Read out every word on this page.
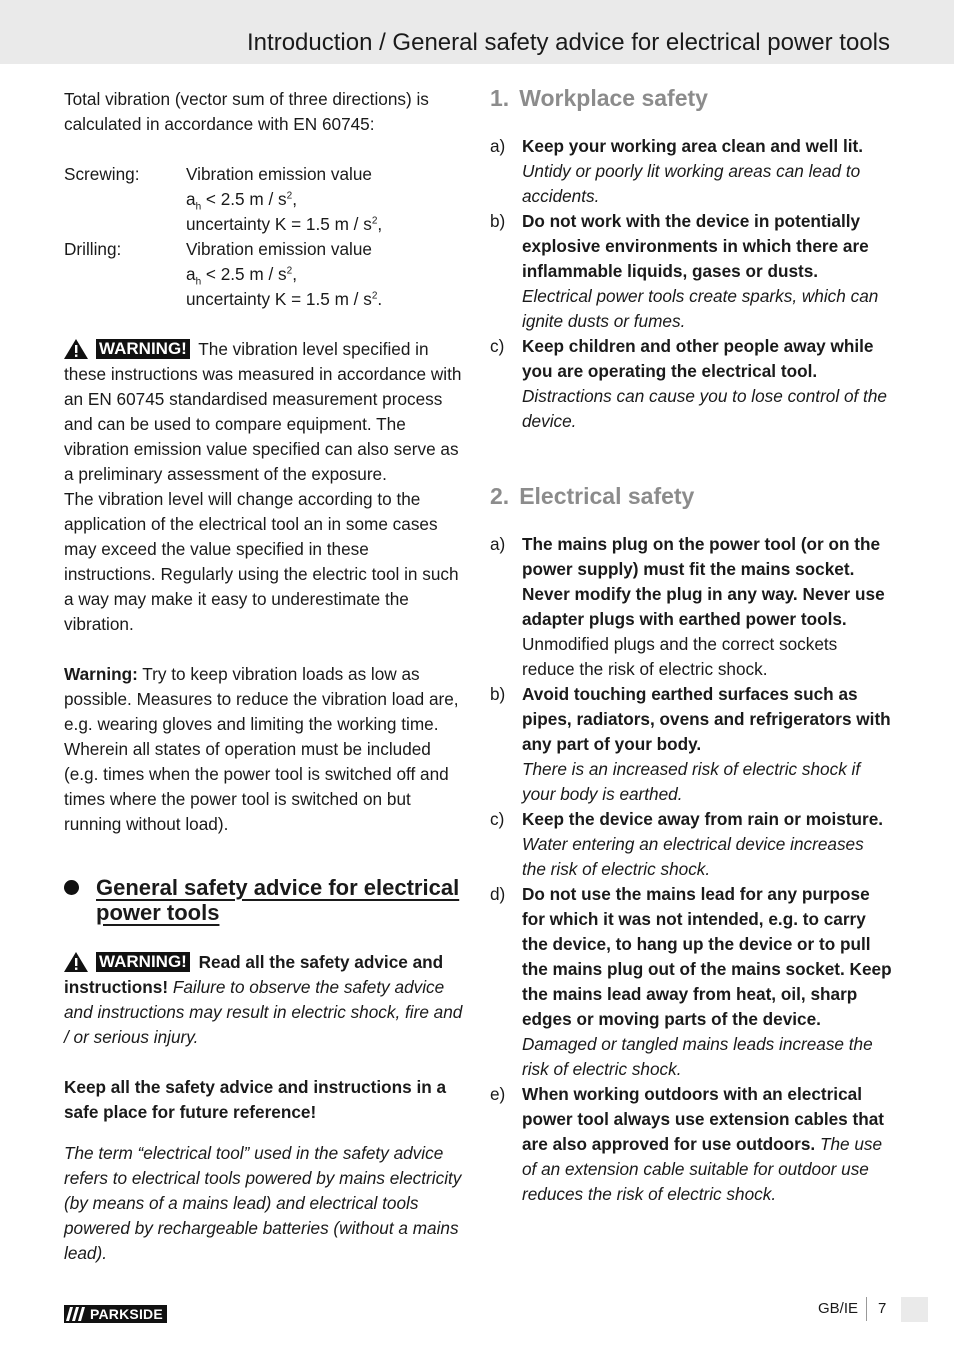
Introduction / General safety advice for electrical power tools

Total vibration (vector sum of three directions) is calculated in accordance with EN 60745:

Screwing:	Vibration emission value
$a_h < 2.5$ m / $s^2$,
uncertainty K = 1.5 m / $s^2$,
Drilling:	Vibration emission value
$a_h < 2.5$ m / $s^2$,
uncertainty K = 1.5 m / $s^2$.

WARNING! The vibration level specified in these instructions was measured in accordance with an EN 60745 standardised measurement process and can be used to compare equipment. The vibration emission value specified can also serve as a preliminary assessment of the exposure.

The vibration level will change according to the application of the electrical tool an in some cases may exceed the value specified in these instructions. Regularly using the electric tool in such a way may make it easy to underestimate the vibration.

Warning: Try to keep vibration loads as low as possible. Measures to reduce the vibration load are, e.g. wearing gloves and limiting the working time. Wherein all states of operation must be included (e.g. times when the power tool is switched off and times where the power tool is switched on but running without load).

General safety advice for electrical power tools

WARNING! Read all the safety advice and instructions! Failure to observe the safety advice and instructions may result in electric shock, fire and / or serious injury.

Keep all the safety advice and instructions in a safe place for future reference!

The term “electrical tool” used in the safety advice refers to electrical tools powered by mains electricity (by means of a mains lead) and electrical tools powered by rechargeable batteries (without a mains lead).

1. Workplace safety
a) Keep your working area clean and well lit. Untidy or poorly lit working areas can lead to accidents.
b) Do not work with the device in potentially explosive environments in which there are inflammable liquids, gases or dusts. Electrical power tools create sparks, which can ignite dusts or fumes.
c)	Keep children and other people away while you are operating the electrical tool. Distractions can cause you to lose control of the device.
2. Electrical safety
a) The mains plug on the power tool (or on the power supply) must fit the mains socket. Never modify the plug in any way. Never use adapter plugs with earthed power tools. Unmodified plugs and the correct sockets reduce the risk of electric shock.
b) Avoid touching earthed surfaces such as pipes, radiators, ovens and refrigerators with any part of your body.
There is an increased risk of electric shock if your body is earthed.
c)	Keep the device away from rain or moisture. Water entering an electrical device increases the risk of electric shock.
d) Do not use the mains lead for any purpose for which it was not intended, e.g. to carry the device, to hang up the device or to pull the mains plug out of the mains socket. Keep the mains lead away from heat, oil, sharp edges or moving parts of the device. Damaged or tangled mains leads increase the risk of electric shock.
e) When working outdoors with an electrical power tool always use extension cables that are also approved for use outdoors. The use of an extension cable suitable for outdoor use reduces the risk of electric shock.
PARKSIDE	GB/IE 7
